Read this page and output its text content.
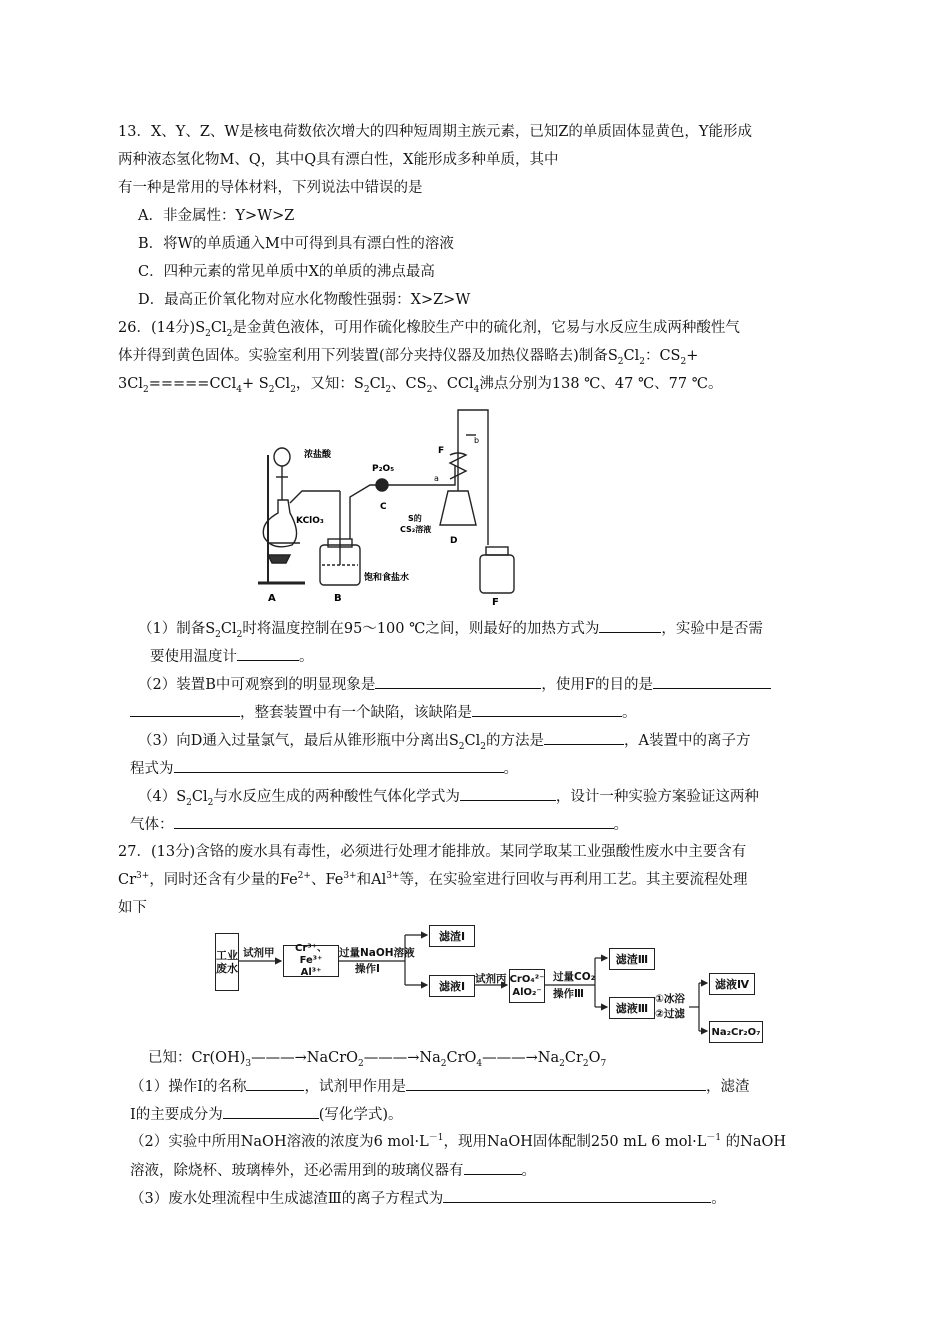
13．X、Y、Z、W是核电荷数依次增大的四种短周期主族元素，已知Z的单质固体显黄色，Y能形成
两种液态氢化物M、Q，其中Q具有漂白性，X能形成多种单质，其中
有一种是常用的导体材料，下列说法中错误的是
A．非金属性：Y>W>Z
B．将W的单质通入M中可得到具有漂白性的溶液
C．四种元素的常见单质中X的单质的沸点最高
D．最高正价氧化物对应水化物酸性强弱：X>Z>W
26．(14分)$S_2Cl_2$是金黄色液体，可用作硫化橡胶生产中的硫化剂，它易与水反应生成两种酸性气
体并得到黄色固体。实验室利用下列装置(部分夹持仪器及加热仪器略去)制备$S_2Cl_2$：$CS_2+$
$3Cl_2=====CCl_4+ S_2Cl_2$，又知：$S_2Cl_2$、$CS_2$、CCl$_4$沸点分别为138 ℃、47 ℃、77 ℃。
浓盐酸
KClO₃
P₂O₅
C
a
b
F
S的
CS₂溶液
D
饱和食盐水
A	B	F
（1）制备$S_2Cl_2$时将温度控制在95～100 ℃之间，则最好的加热方式为	，实验中是否需
要使用温度计	。
（2）装置B中可观察到的明显现象是	，使用F的目的是
，整套装置中有一个缺陷，该缺陷是	。
（3）向D通入过量氯气，最后从锥形瓶中分离出$S_2Cl_2$的方法是	，A装置中的离子方
程式为	。
$(4)S_2Cl_2$与水反应生成的两种酸性气体化学式为	，设计一种实验方案验证这两种
气体：	。
27．(13分)含铬的废水具有毒性，必须进行处理才能排放。某同学取某工业强酸性废水中主要含有
$Cr^{3+}$，同时还含有少量的$Fe^{2+}$、$Fe^{3+}$和$Al^{3+}$等，在实验室进行回收与再利用工艺。其主要流程处理
如下
工业废水
试剂甲	Cr³⁺、Fe³⁺
Al³⁺
过量NaOH溶液
操作Ⅰ
滤渣Ⅰ
滤液Ⅰ
试剂丙 CrO₄²⁻
AlO₂⁻
过量CO₂
操作Ⅲ
滤渣Ⅲ
滤液Ⅲ
①冰浴
②过滤
滤液Ⅳ
Na₂Cr₂O₇
已知：$Cr(OH)_3———\to NaCrO_2———\to Na_2CrO_4———\to Na_2Cr_2O_7$
（1）操作Ⅰ的名称	，试剂甲作用是	，滤渣
Ⅰ的主要成分为	(写化学式)。
（2）实验中所用NaOH溶液的浓度为6 $mol\cdot L^{-1}$，现用NaOH固体配制250 mL 6 $mol\cdot L^{-1}$ 的NaOH
溶液，除烧杯、玻璃棒外，还必需用到的玻璃仪器有	。
（3）废水处理流程中生成滤渣Ⅲ的离子方程式为	。
